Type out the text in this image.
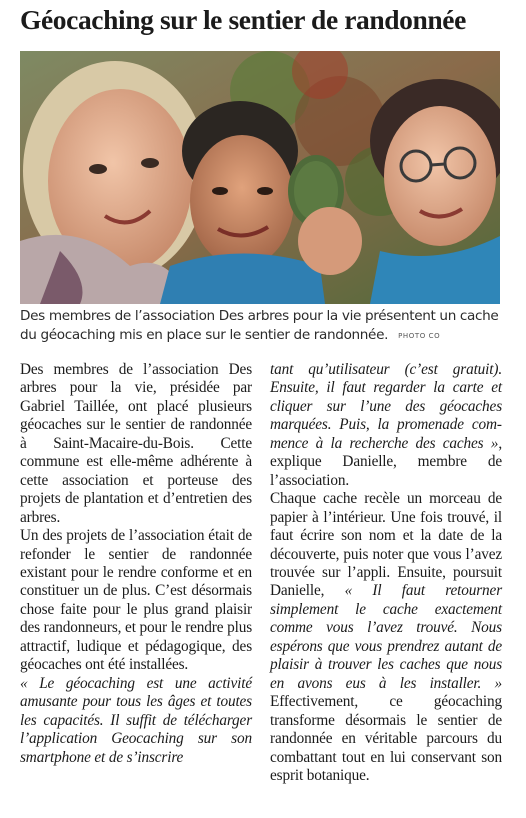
Géocaching sur le sentier de randonnée
Des membres de l’association Des arbres pour la vie présentent un cache du géocaching mis en place sur le sentier de randonnée. PHOTO CO

Des membres de l’association Des arbres pour la vie, présidée par Gabriel Taillée, ont placé plusieurs géocaches sur le sentier de randonnée à Saint-Macaire-du-Bois. Cette commune est elle-même adhérente à cette association et porteuse des projets de plantation et d’entretien des arbres.

Un des projets de l’association était de refonder le sentier de randonnée existant pour le rendre conforme et en constituer un de plus. C’est désormais chose faite pour le plus grand plaisir des randonneurs, et pour le rendre plus attractif, ludique et pédagogique, des géocaches ont été installées.

« Le géocaching est une activité amusante pour tous les âges et toutes les capacités. Il suffit de télécharger l’application Geocaching sur son smartphone et de s’inscrire

tant qu’utilisateur (c’est gratuit). Ensuite, il faut regarder la carte et cliquer sur l’une des géocaches marquées. Puis, la promenade commence à la recherche des caches », explique Danielle, membre de l’association.

Chaque cache recèle un morceau de papier à l’intérieur. Une fois trouvé, il faut écrire son nom et la date de la découverte, puis noter que vous l’avez trouvée sur l’appli. Ensuite, poursuit Danielle, « Il faut retourner simplement le cache exactement comme vous l’avez trouvé. Nous espérons que vous prendrez autant de plaisir à trouver les caches que nous en avons eus à les installer. » Effectivement, ce géocaching transforme désormais le sentier de randonnée en véritable parcours du combattant tout en lui conservant son esprit botanique.
